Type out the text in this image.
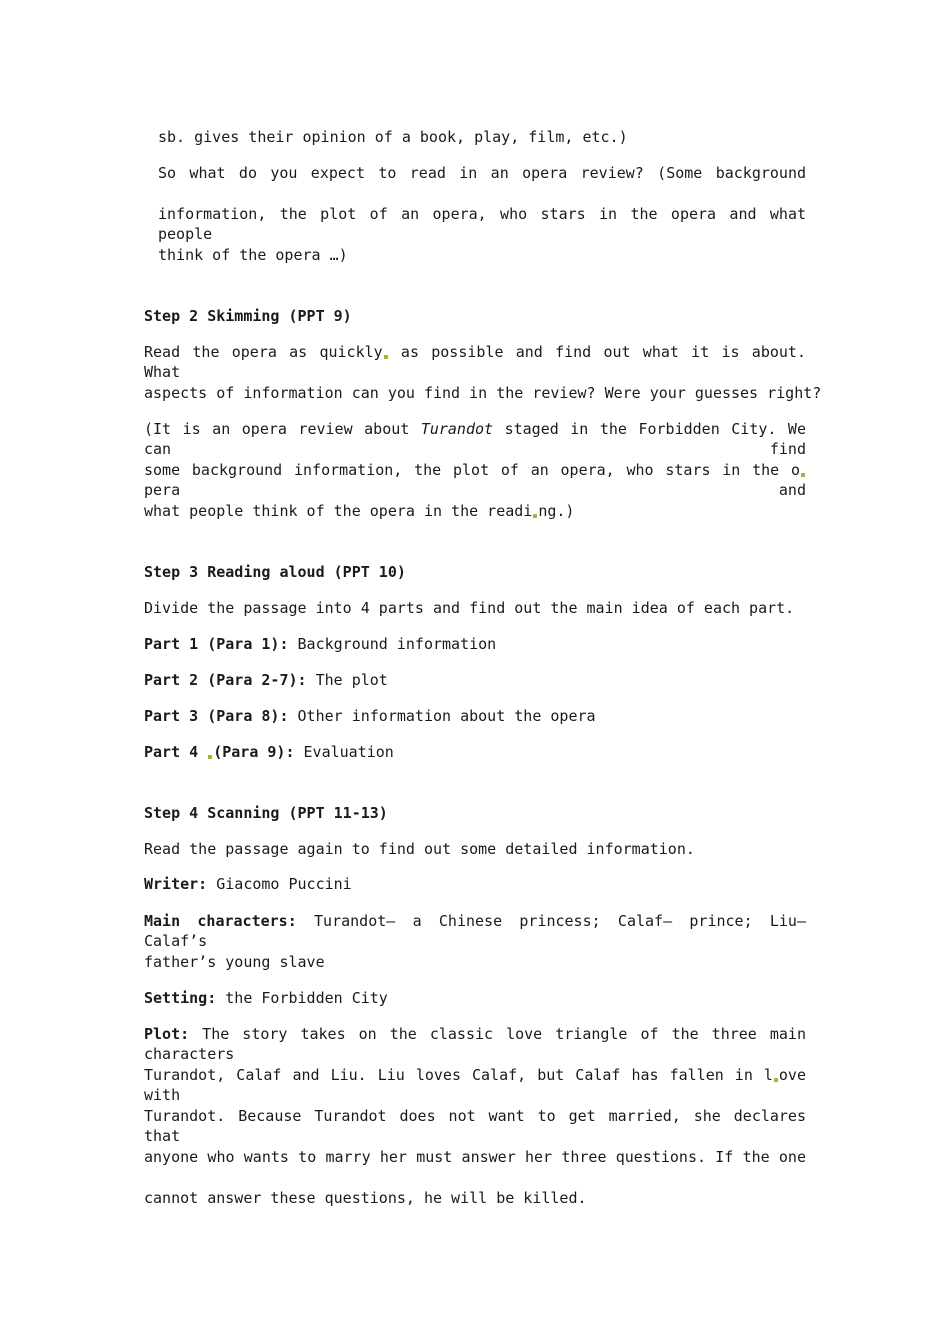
sb. gives their opinion of a book, play, film, etc.)
So what do you expect to read in an opera review? (Some background
information, the plot of an opera, who stars in the opera and what people
think of the opera …)
Step 2 Skimming (PPT 9)
Read the opera as quickly as possible and find out what it is about. What
aspects of information can you find in the review? Were your guesses right?
(It is an opera review about Turandot staged in the Forbidden City. We can find
some background information, the plot of an opera, who stars in the opera and
what people think of the opera in the readi ng.)
Step 3 Reading aloud (PPT 10)
Divide the passage into 4 parts and find out the main idea of each part.
Part 1 (Para 1): Background information
Part 2 (Para 2-7): The plot
Part 3 (Para 8): Other information about the opera
Part 4 (Para 9): Evaluation
Step 4 Scanning (PPT 11-13)
Read the passage again to find out some detailed information.
Writer: Giacomo Puccini
Main characters: Turandot— a Chinese princess; Calaf— prince; Liu— Calaf’s
father’s young slave
Setting: the Forbidden City
Plot: The story takes on the classic love triangle of the three main characters
Turandot, Calaf and Liu. Liu loves Calaf, but Calaf has fallen in l ove with
Turandot. Because Turandot does not want to get married, she declares that
anyone who wants to marry her must answer her three questions. If the one
cannot answer these questions, he will be killed.
